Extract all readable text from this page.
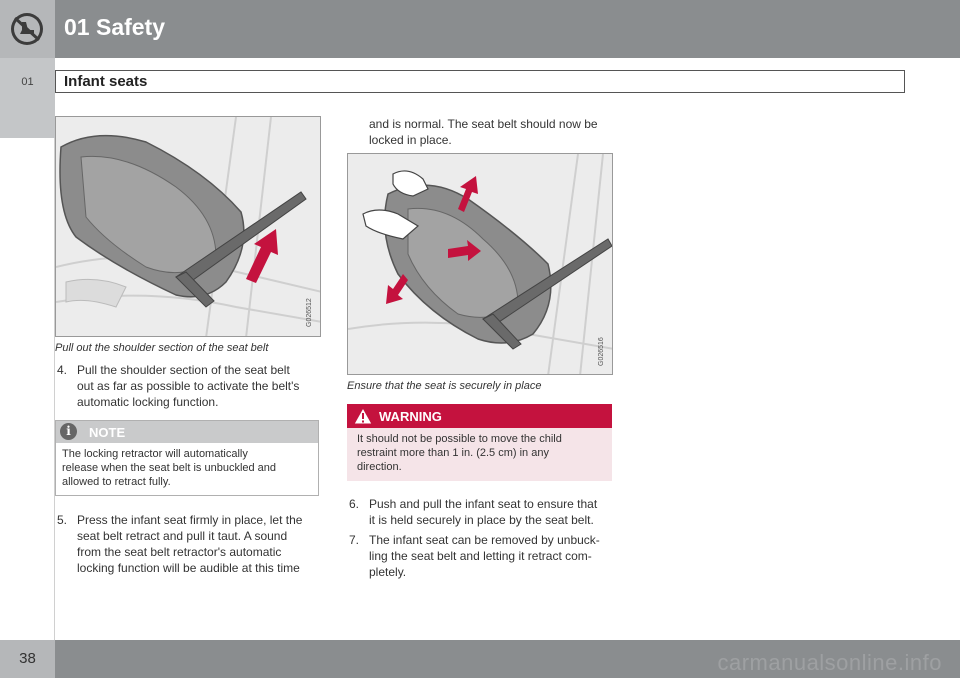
01 Safety
01	Infant seats
G026512
Pull out the shoulder section of the seat belt
4. Pull the shoulder section of the seat belt
out as far as possible to activate the belt's
automatic locking function.
i	NOTE
The locking retractor will automatically
release when the seat belt is unbuckled and
allowed to retract fully.
5. Press the infant seat firmly in place, let the
seat belt retract and pull it taut. A sound
from the seat belt retractor's automatic
locking function will be audible at this time
and is normal. The seat belt should now be
locked in place.
G026516
Ensure that the seat is securely in place
WARNING
It should not be possible to move the child
restraint more than 1 in. (2.5 cm) in any
direction.
6. Push and pull the infant seat to ensure that
it is held securely in place by the seat belt.
7. The infant seat can be removed by unbuck-
ling the seat belt and letting it retract com-
pletely.
38	carmanualsonline.info
